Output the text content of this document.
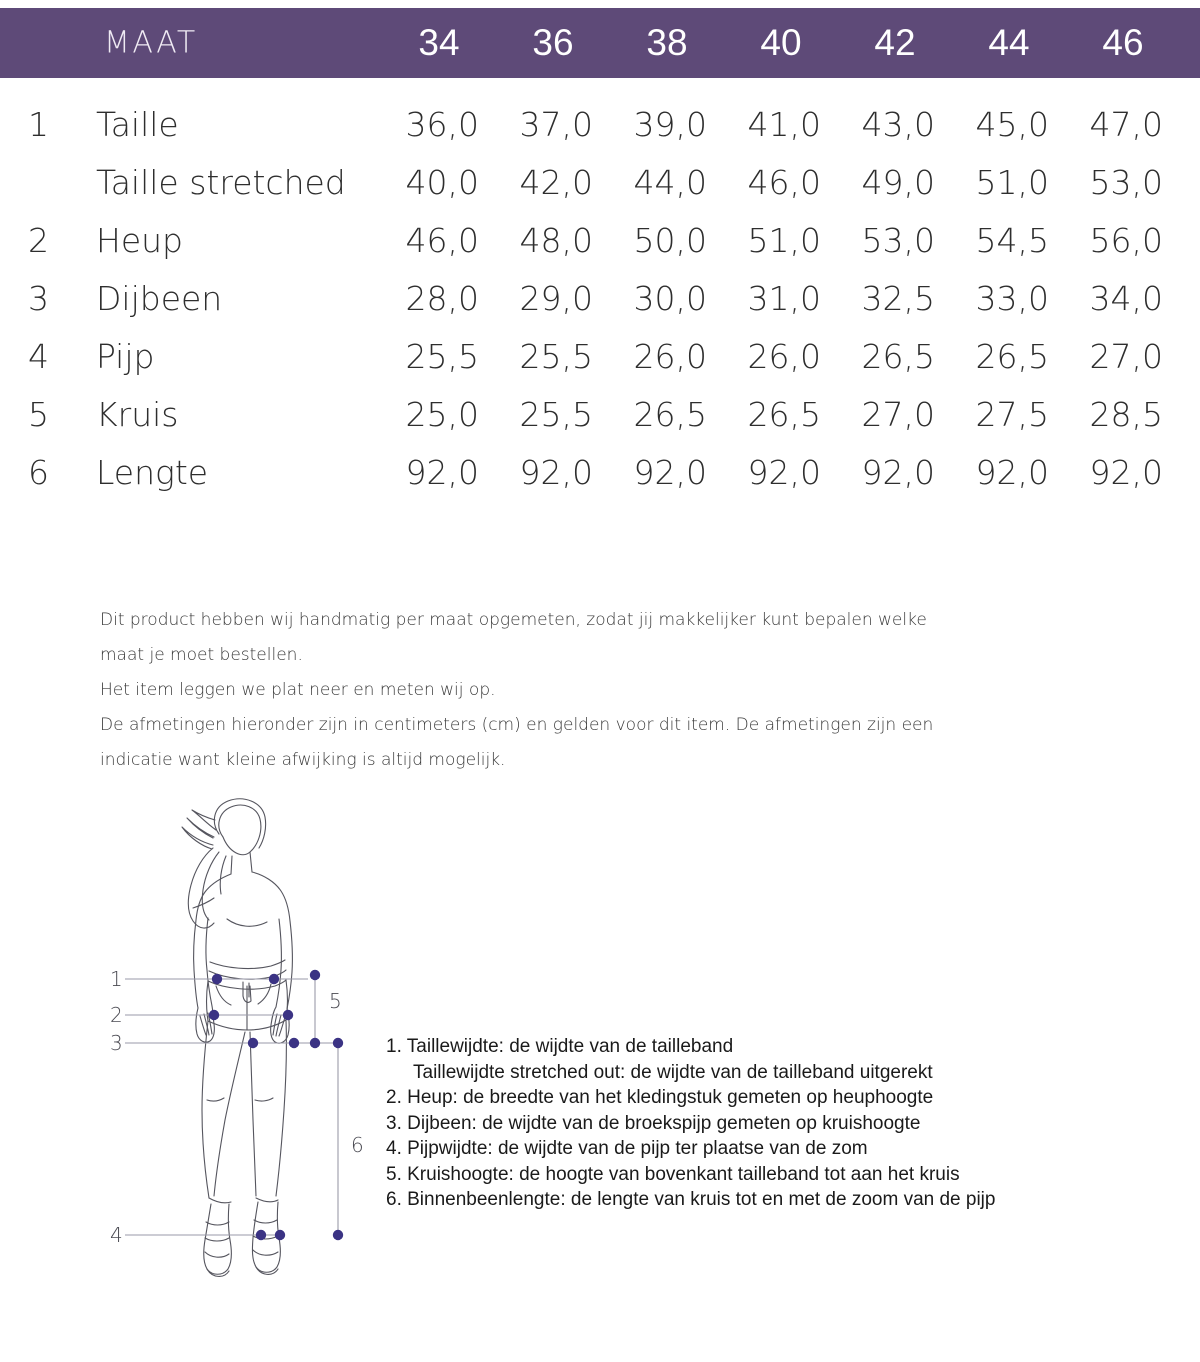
MAAT	34	36	38	40	42	44	46
1 Taille	36,0	37,0	39,0	41,0	43,0	45,0	47,0
Taille stretched	40,0	42,0	44,0	46,0	49,0	51,0	53,0
2 Heup	46,0	48,0	50,0	51,0	53,0	54,5	56,0
3 Dijbeen	28,0	29,0	30,0	31,0	32,5	33,0	34,0
4 Pijp	25,5	25,5	26,0	26,0	26,5	26,5	27,0
5 Kruis	25,0	25,5	26,5	26,5	27,0	27,5	28,5
6 Lengte	92,0	92,0	92,0	92,0	92,0	92,0	92,0

Dit product hebben wij handmatig per maat opgemeten, zodat jij makkelijker kunt bepalen welke

maat je moet bestellen.

Het item leggen we plat neer en meten wij op.

De afmetingen hieronder zijn in centimeters (cm) en gelden voor dit item. De afmetingen zijn een

indicatie want kleine afwijking is altijd mogelijk.

1
2
3
4
5
6
1. Taillewijdte: de wijdte van de tailleband
Taillewijdte stretched out: de wijdte van de tailleband uitgerekt
2. Heup: de breedte van het kledingstuk gemeten op heuphoogte
3. Dijbeen: de wijdte van de broekspijp gemeten op kruishoogte
4. Pijpwijdte: de wijdte van de pijp ter plaatse van de zom
5. Kruishoogte: de hoogte van bovenkant tailleband tot aan het kruis
6. Binnenbeenlengte: de lengte van kruis tot en met de zoom van de pijp
